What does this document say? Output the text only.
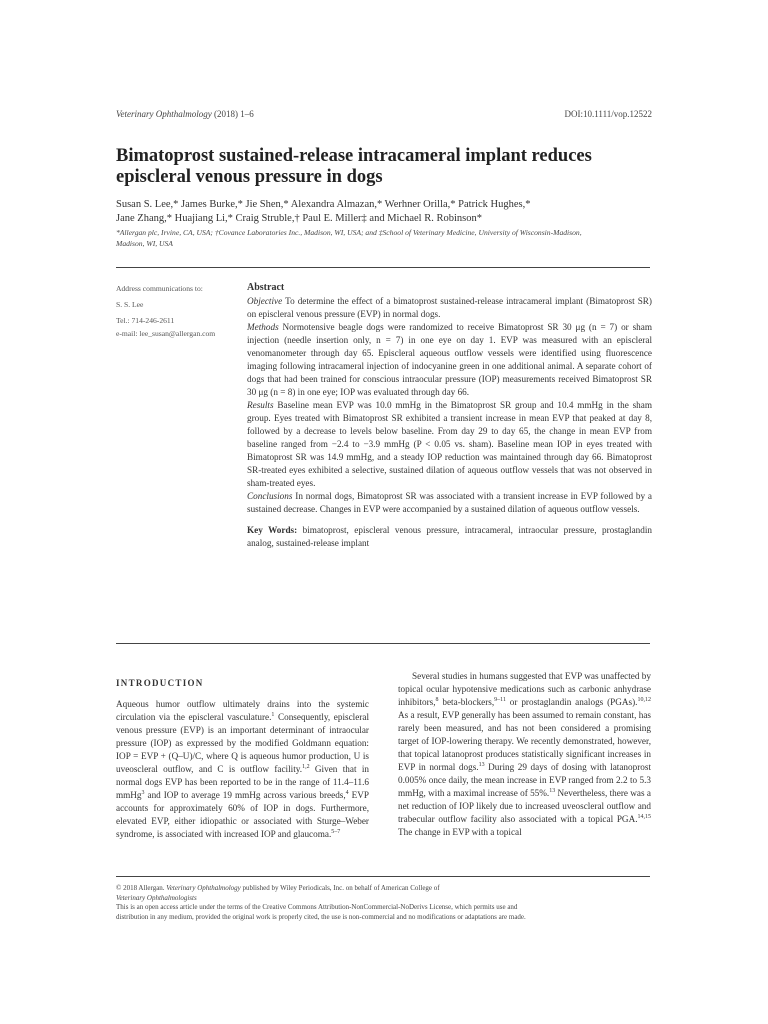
Veterinary Ophthalmology (2018) 1–6	DOI:10.1111/vop.12522
Bimatoprost sustained-release intracameral implant reduces
episcleral venous pressure in dogs
Susan S. Lee,* James Burke,* Jie Shen,* Alexandra Almazan,* Werhner Orilla,* Patrick Hughes,*
Jane Zhang,* Huajiang Li,* Craig Struble,† Paul E. Miller‡ and Michael R. Robinson*
*Allergan plc, Irvine, CA, USA; †Covance Laboratories Inc., Madison, WI, USA; and ‡School of Veterinary Medicine, University of Wisconsin-Madison,
Madison, WI, USA
Address communications to:
S. S. Lee
Tel.: 714-246-2611
e-mail: lee_susan@allergan.com
Abstract

Objective To determine the effect of a bimatoprost sustained-release intracameral implant (Bimatoprost SR) on episcleral venous pressure (EVP) in normal dogs.

Methods Normotensive beagle dogs were randomized to receive Bimatoprost SR 30 μg (n = 7) or sham injection (needle insertion only, n = 7) in one eye on day 1. EVP was measured with an episcleral venomanometer through day 65. Episcleral aqueous outflow vessels were identified using fluorescence imaging following intracameral injection of indocyanine green in one additional animal. A separate cohort of dogs that had been trained for conscious intraocular pressure (IOP) measurements received Bimatoprost SR 30 μg (n = 8) in one eye; IOP was evaluated through day 66.

Results Baseline mean EVP was 10.0 mmHg in the Bimatoprost SR group and 10.4 mmHg in the sham group. Eyes treated with Bimatoprost SR exhibited a transient increase in mean EVP that peaked at day 8, followed by a decrease to levels below baseline. From day 29 to day 65, the change in mean EVP from baseline ranged from −2.4 to −3.9 mmHg (P < 0.05 vs. sham). Baseline mean IOP in eyes treated with Bimatoprost SR was 14.9 mmHg, and a steady IOP reduction was maintained through day 66. Bimatoprost SR-treated eyes exhibited a selective, sustained dilation of aqueous outflow vessels that was not observed in sham-treated eyes.

Conclusions In normal dogs, Bimatoprost SR was associated with a transient increase in EVP followed by a sustained decrease. Changes in EVP were accompanied by a sustained dilation of aqueous outflow vessels.

Key Words: bimatoprost, episcleral venous pressure, intracameral, intraocular pressure, prostaglandin analog, sustained-release implant

INTRODUCTION

Aqueous humor outflow ultimately drains into the systemic circulation via the episcleral vasculature.$^1$ Consequently, episcleral venous pressure (EVP) is an important determinant of intraocular pressure (IOP) as expressed by the modified Goldmann equation: IOP = EVP + (Q–U)/C, where Q is aqueous humor production, U is uveoscleral outflow, and C is outflow facility.$^{1,2}$ Given that in normal dogs EVP has been reported to be in the range of 11.4–11.6 mmHg$^3$ and IOP to average 19 mmHg across various breeds,$^4$ EVP accounts for approximately 60% of IOP in dogs. Furthermore, elevated EVP, either idiopathic or associated with Sturge–Weber syndrome, is associated with increased IOP and glaucoma.$^{5-7}$

Several studies in humans suggested that EVP was unaffected by topical ocular hypotensive medications such as carbonic anhydrase inhibitors,$^8$ beta-blockers,$^{9-11}$ or prostaglandin analogs (PGAs).$^{10,12}$ As a result, EVP generally has been assumed to remain constant, has rarely been measured, and has not been considered a promising target of IOP-lowering therapy. We recently demonstrated, however, that topical latanoprost produces statistically significant increases in EVP in normal dogs.$^{13}$ During 29 days of dosing with latanoprost 0.005% once daily, the mean increase in EVP ranged from 2.2 to 5.3 mmHg, with a maximal increase of 55%.$^{13}$ Nevertheless, there was a net reduction of IOP likely due to increased uveoscleral outflow and trabecular outflow facility also associated with a topical PGA.$^{14,15}$ The change in EVP with a topical

© 2018 Allergan. Veterinary Ophthalmology published by Wiley Periodicals, Inc. on behalf of American College of

Veterinary Ophthalmologists

This is an open access article under the terms of the Creative Commons Attribution-NonCommercial-NoDerivs License, which permits use and

distribution in any medium, provided the original work is properly cited, the use is non-commercial and no modifications or adaptations are made.
